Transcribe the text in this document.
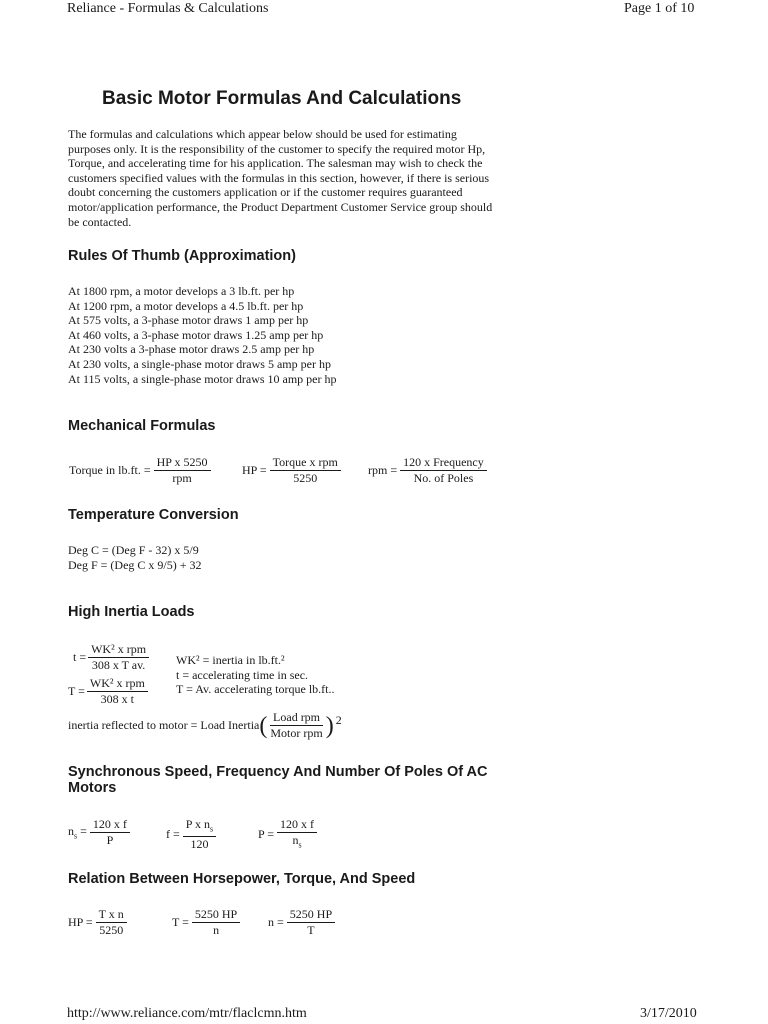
Reliance - Formulas & Calculations	Page 1 of 10
Basic Motor Formulas And Calculations
The formulas and calculations which appear below should be used for estimating
purposes only. It is the responsibility of the customer to specify the required motor Hp,
Torque, and accelerating time for his application. The salesman may wish to check the
customers specified values with the formulas in this section, however, if there is serious
doubt concerning the customers application or if the customer requires guaranteed
motor/application performance, the Product Department Customer Service group should
be contacted.
Rules Of Thumb (Approximation)
At 1800 rpm, a motor develops a 3 lb.ft. per hp
At 1200 rpm, a motor develops a 4.5 lb.ft. per hp
At 575 volts, a 3-phase motor draws 1 amp per hp
At 460 volts, a 3-phase motor draws 1.25 amp per hp
At 230 volts a 3-phase motor draws 2.5 amp per hp
At 230 volts, a single-phase motor draws 5 amp per hp
At 115 volts, a single-phase motor draws 10 amp per hp
Mechanical Formulas
Torque in lb.ft. = $\frac{\text{HP x 5250}}{\text{rpm}}$	HP = $\frac{\text{Torque x rpm}}{5250}$ rpm = $\frac{\text{120 x Frequency}}{\text{No. of Poles}}$
Temperature Conversion
Deg C = (Deg F - 32) x 5/9
Deg F = (Deg C x 9/5) + 32
High Inertia Loads
$t = \frac{\text{WK² x rpm}}{\text{308 x T av.}}$
$T = \frac{\text{WK² x rpm}}{\text{308 x t}}$
WK² = inertia in lb.ft.²
t = accelerating time in sec.
T = Av. accelerating torque lb.ft..
inertia reflected to motor = Load Inertia ( $\frac{\text{Load rpm}}{\text{Motor rpm}}$ ) 2
Synchronous Speed, Frequency And Number Of Poles Of AC
Motors
$n_s = \frac{\text{120 x f}}{P}$	$f = \frac{P x n_s}{120}$	$P = \frac{\text{120 x f}}{n_s}$
Relation Between Horsepower, Torque, And Speed
HP = $\frac{\text{T x n}}{5250}$	$T = \frac{5250 HP}{n}$ $n = \frac{5250 HP}{T}$
http://www.reliance.com/mtr/flaclcmn.htm	3/17/2010
